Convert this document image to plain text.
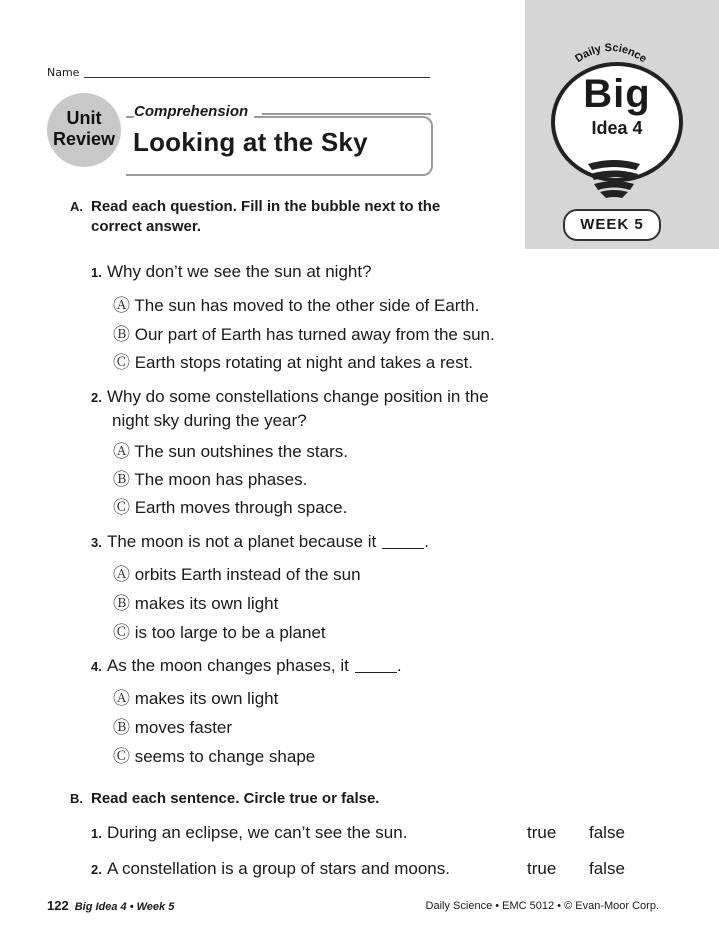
Name
Unit
Review
Comprehension
Looking at the Sky
Daily Science
Big
Idea 4
WEEK 5
A. Read each question. Fill in the bubble next to the
correct answer.
1. Why don’t we see the sun at night?
Ⓐ The sun has moved to the other side of Earth.
Ⓑ Our part of Earth has turned away from the sun.
Ⓒ Earth stops rotating at night and takes a rest.
2. Why do some constellations change position in the
night sky during the year?
Ⓐ The sun outshines the stars.
Ⓑ The moon has phases.
Ⓒ Earth moves through space.
3. The moon is not a planet because it	.
Ⓐ orbits Earth instead of the sun
Ⓑ makes its own light
Ⓒ is too large to be a planet
4. As the moon changes phases, it	.
Ⓐ makes its own light
Ⓑ moves faster
Ⓒ seems to change shape
B. Read each sentence. Circle true or false.
1. During an eclipse, we can’t see the sun.	true false
2. A constellation is a group of stars and moons.	true false
122 Big Idea 4 • Week 5	Daily Science • EMC 5012 • © Evan-Moor Corp.
